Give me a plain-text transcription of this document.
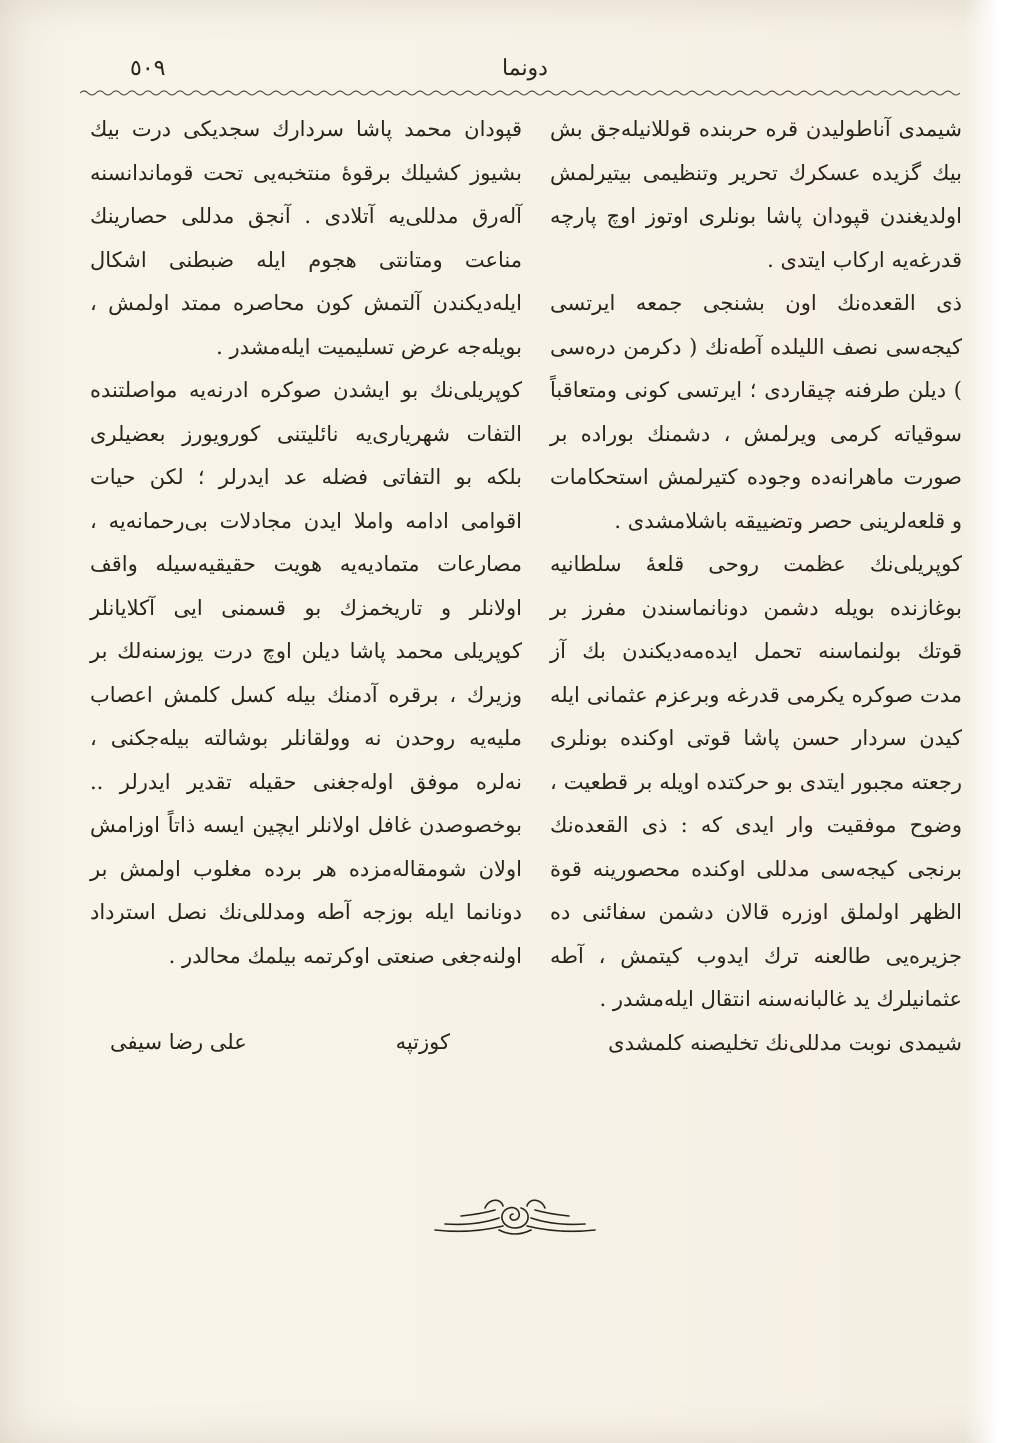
٥٠٩	دونما

شيمدى آناطوليدن قره حربنده قوللانيله‌جق بش بيك گزيده عسكرك تحرير وتنظيمى بيتيرلمش اولديغندن قپودان پاشا بونلرى اوتوز اوچ پارچه قدرغه‌يه اركاب ايتدى .

ذى القعده‌نك اون بشنجى جمعه ايرتسى كيجه‌سى نصف الليلده آطه‌نك ( دكرمن دره‌سى ) ديلن طرفنه چيقاردى ؛ ايرتسى كونى ومتعاقباً سوقياته كرمى ويرلمش ، دشمنك بوراده بر صورت ماهرانه‌ده وجوده كتيرلمش استحكامات و قلعه‌لرينى حصر وتضييقه باشلامشدى .

كوپريلى‌نك عظمت روحى قلعهٔ سلطانيه بوغازنده بويله دشمن دونانماسندن مفرز بر قوتك بولنماسنه تحمل ايده‌مه‌ديكندن بك آز مدت صوكره يكرمى قدرغه وبرعزم عثمانى ايله كيدن سردار حسن پاشا قوتى اوكنده بونلرى رجعته مجبور ايتدى بو حركتده اويله بر قطعيت ، وضوح موفقيت وار ايدى كه : ذى القعده‌نك برنجى كيجه‌سى مدللى اوكنده محصورينه قوة الظهر اولملق اوزره قالان دشمن سفائنى ده جزيره‌يى طالعنه ترك ايدوب كيتمش ، آطه عثمانيلرك يد غالبانه‌سنه انتقال ايله‌مشدر .

شيمدى نوبت مدللى‌نك تخليصنه كلمشدى

قپودان محمد پاشا سردارك سجديكى درت بيك بشيوز كشيلك برقوهٔ منتخبه‌يى تحت قوماندانسنه آله‌رق مدللى‌يه آتلادى . آنجق مدللى حصارينك مناعت ومتانتى هجوم ايله ضبطنى اشكال ايله‌ديكندن آلتمش كون محاصره ممتد اولمش ، بويله‌جه عرض تسليميت ايله‌مشدر .

كوپريلى‌نك بو ايشدن صوكره ادرنه‌يه مواصلتنده التفات شهريارى‌يه نائليتنى كورويورز بعضيلرى بلكه بو التفاتى فضله عد ايدرلر ؛ لكن حيات اقوامى ادامه واملا ايدن مجادلات بى‌رحمانه‌يه ، مصارعات متماديه‌يه هويت حقيقيه‌سيله واقف اولانلر و تاريخمزك بو قسمنى ايى آكلايانلر كوپريلى محمد پاشا ديلن اوچ درت يوزسنه‌لك بر وزيرك ، برقره آدمنك بيله كسل كلمش اعصاب مليه‌يه روحدن نه وولقانلر بوشالته بيله‌جكنى ، نه‌لره موفق اوله‌جغنى حقيله تقدير ايدرلر .. بوخصوصدن غافل اولانلر ايچين ايسه ذاتاً اوزامش اولان شومقاله‌مزده هر برده مغلوب اولمش بر دونانما ايله بوزجه آطه ومدللى‌نك نصل استرداد اولنه‌جغى صنعتى اوكرتمه بيلمك محالدر .

كوزتپه
على رضا سيفى
